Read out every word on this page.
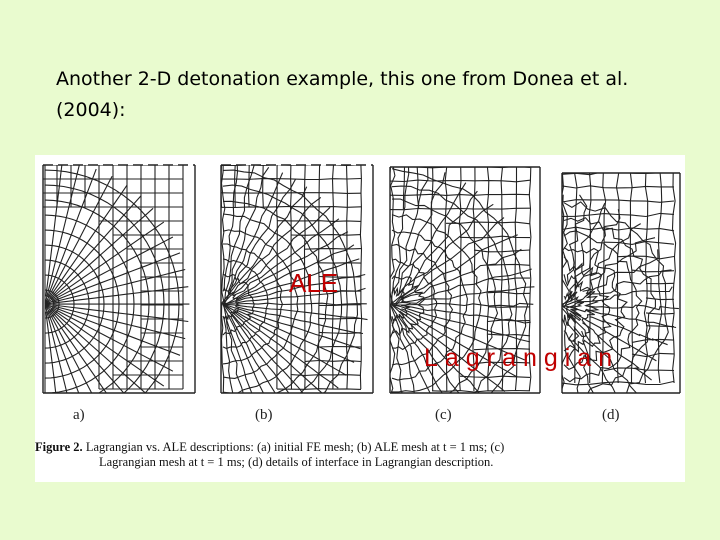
Another 2-D detonation example, this one from Donea et al. (2004):
a)	(b)	(c)	(d)
Figure 2. Lagrangian vs. ALE descriptions: (a) initial FE mesh; (b) ALE mesh at t = 1 ms; (c)
Lagrangian mesh at t = 1 ms; (d) details of interface in Lagrangian description.
ALE
Lagrangian
